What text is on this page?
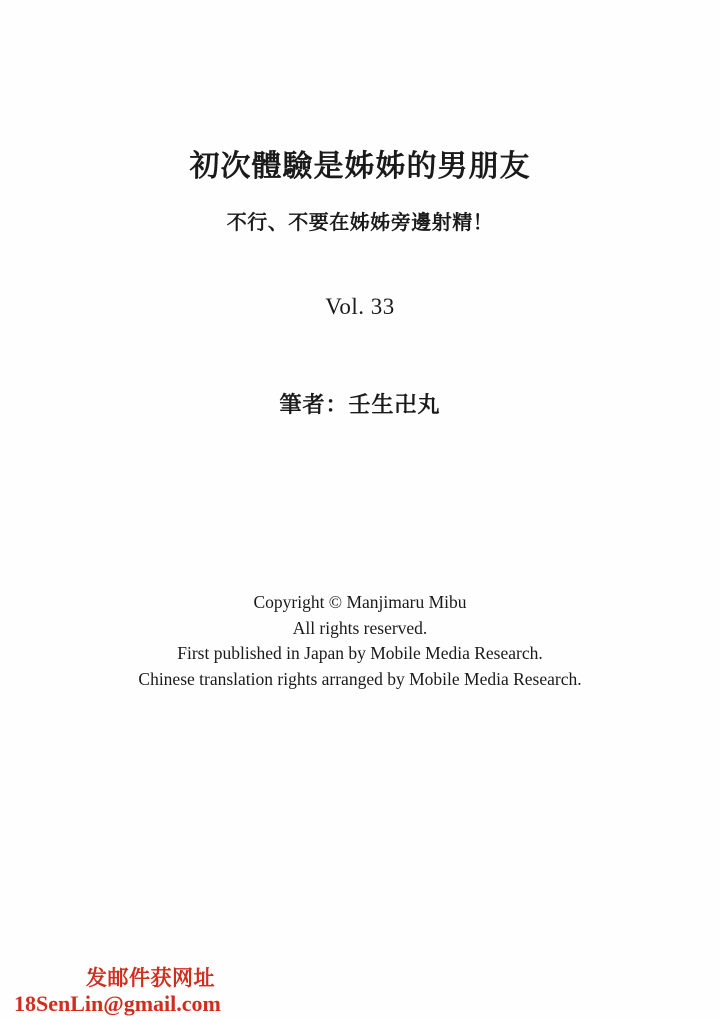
初次體驗是姊姊的男朋友
不行、不要在姊姊旁邊射精！
Vol. 33
筆者：壬生卍丸
Copyright © Manjimaru Mibu
All rights reserved.
First published in Japan by Mobile Media Research.
Chinese translation rights arranged by Mobile Media Research.
发邮件获网址
18SenLin@gmail.com
